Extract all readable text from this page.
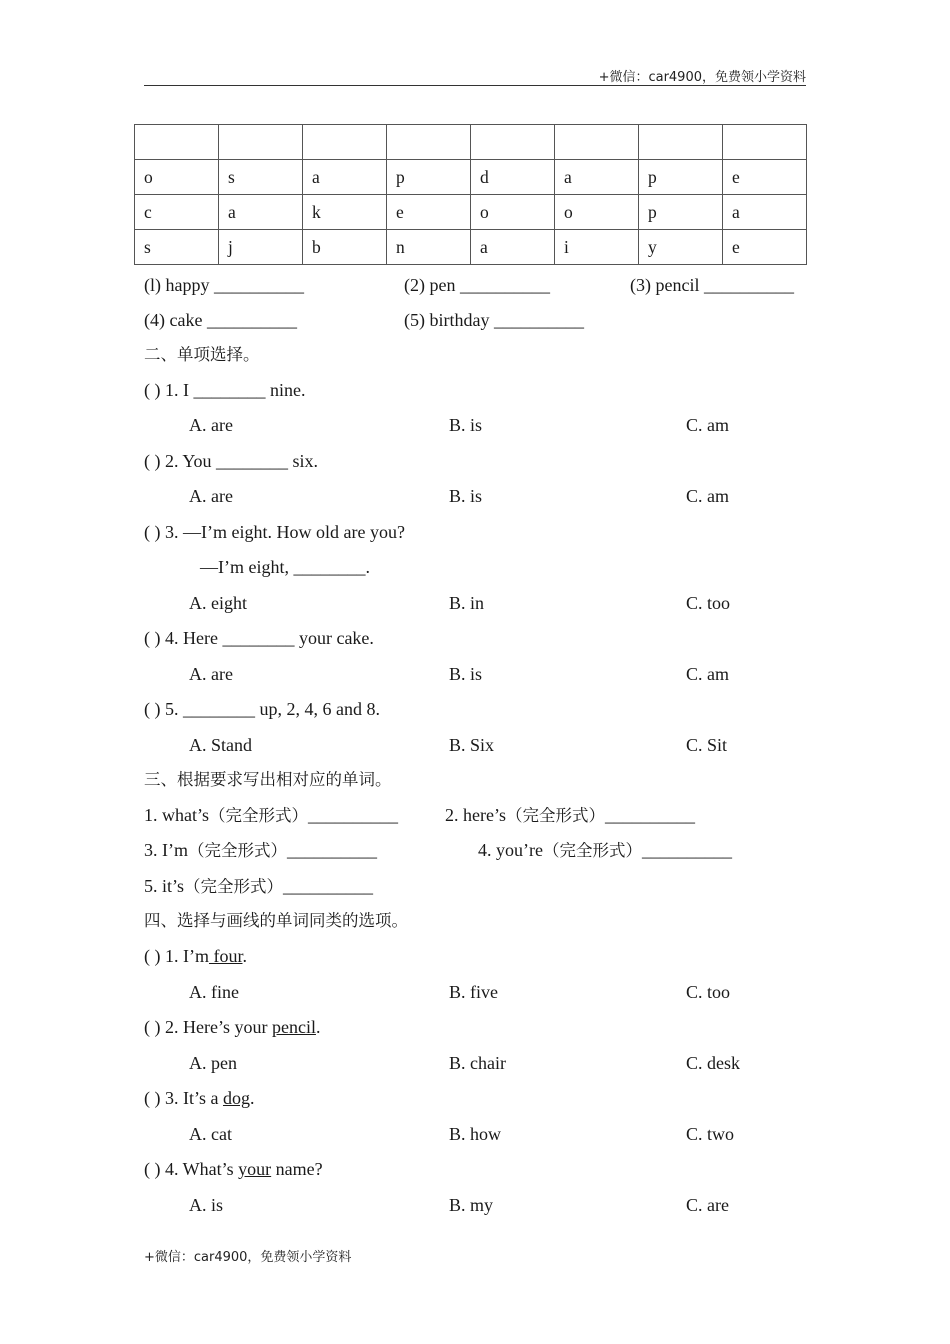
+微信：car4900，免费领小学资料

o	s	a	p	d	a	p	e
c	a	k	e	o	o	p	a
s	j	b	n	a	i	y	e
(l) happy __________	(2) pen __________	(3) pencil __________
(4) cake __________	(5) birthday __________
二、单项选择。
( ) 1. I ________ nine.
A. are	B. is	C. am
( ) 2. You ________ six.
A. are	B. is	C. am
( ) 3. —I’m eight. How old are you?
—I’m eight, ________.
A. eight	B. in	C. too
( ) 4. Here ________ your cake.
A. are	B. is	C. am
( ) 5. ________ up, 2, 4, 6 and 8.
A. Stand	B. Six	C. Sit
三、根据要求写出相对应的单词。
1. what’s（完全形式）__________	2. here’s（完全形式）__________
3. I’m（完全形式）__________	4. you’re（完全形式）__________
5. it’s（完全形式）__________
四、选择与画线的单词同类的选项。
( ) 1. I’m four.
A. fine	B. five	C. too
( ) 2. Here’s your pencil.
A. pen	B. chair	C. desk
( ) 3. It’s a dog.
A. cat	B. how	C. two
( ) 4. What’s your name?
A. is	B. my	C. are
+微信：car4900，免费领小学资料
